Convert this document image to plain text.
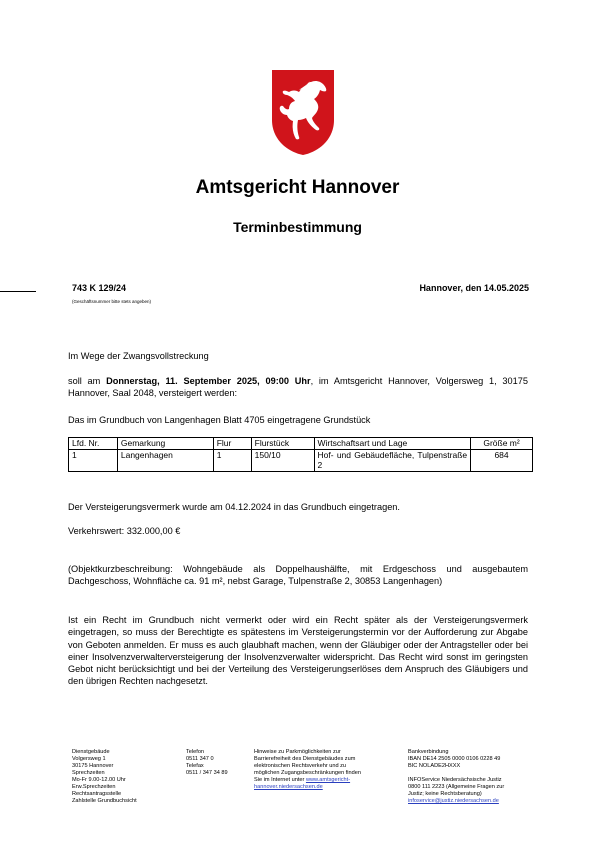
Amtsgericht Hannover
Terminbestimmung
743 K 129/24
(Geschäftsnummer bitte stets angeben)
Hannover, den 14.05.2025
Im Wege der Zwangsvollstreckung
soll am Donnerstag, 11. September 2025, 09:00 Uhr, im Amtsgericht Hannover, Volgersweg 1, 30175 Hannover, Saal 2048, versteigert werden:
Das im Grundbuch von Langenhagen Blatt 4705 eingetragene Grundstück
Lfd. Nr.	Gemarkung	Flur	Flurstück	Wirtschaftsart und Lage	Größe m²
1	Langenhagen	1	150/10	Hof- und Gebäudefläche, Tulpenstraße 2	684
Der Versteigerungsvermerk wurde am 04.12.2024 in das Grundbuch eingetragen.
Verkehrswert: 332.000,00 €
(Objektkurzbeschreibung: Wohngebäude als Doppelhaushälfte, mit Erdgeschoss und ausgebautem Dachgeschoss, Wohnfläche ca. 91 m², nebst Garage, Tulpenstraße 2, 30853 Langenhagen)
Ist ein Recht im Grundbuch nicht vermerkt oder wird ein Recht später als der Versteigerungsvermerk eingetragen, so muss der Berechtigte es spätestens im Versteigerungstermin vor der Aufforderung zur Abgabe von Geboten anmelden. Er muss es auch glaubhaft machen, wenn der Gläubiger oder der Antragsteller oder bei einer Insolvenzverwalterversteigerung der Insolvenzverwalter widerspricht. Das Recht wird sonst im geringsten Gebot nicht berücksichtigt und bei der Verteilung des Versteigerungserlöses dem Anspruch des Gläubigers und den übrigen Rechten nachgesetzt.
Dienstgebäude
Volgersweg 1
30175 Hannover
Sprechzeiten
Mo-Fr 9.00-12.00 Uhr
Erw.Sprechzeiten
Rechtsantragsstelle
Zahlstelle Grundbuchsicht
Telefon
0511 347 0
Telefax
0511 / 347 34 89
Hinweise zu Parkmöglichkeiten zur
Barrierefreiheit des Dienstgebäudes zum
elektronischen Rechtsverkehr und zu
möglichen Zugangsbeschränkungen finden
Sie im Internet unter www.amtsgericht-
hannover.niedersachsen.de
Bankverbindung
IBAN DE14 2505 0000 0106 0228 49
BIC NOLADE2HXXX

INFOService Niedersächsische Justiz
0800 111 2223 (Allgemeine Fragen zur
Justiz; keine Rechtsberatung)
infoservice@justiz.niedersachsen.de
